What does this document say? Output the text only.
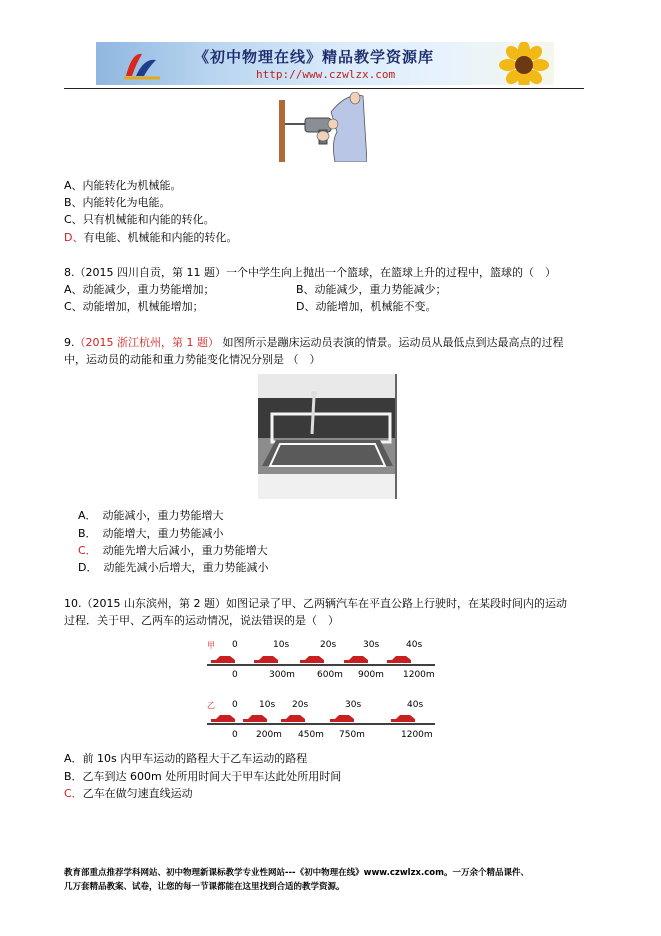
《初中物理在线》精品教学资源库
http://www.czwlzx.com
A、内能转化为机械能。
B、内能转化为电能。
C、只有机械能和内能的转化。
D、有电能、机械能和内能的转化。
8.（2015 四川自贡，第 11 题）一个中学生向上抛出一个篮球，在篮球上升的过程中，篮球的（　）
A、动能减少，重力势能增加；	B、动能减少，重力势能减少；
C、动能增加，机械能增加；	D、动能增加，机械能不变。
9.（2015 浙江杭州，第 1 题） 如图所示是蹦床运动员表演的情景。运动员从最低点到达最高点的过程
中，运动员的动能和重力势能变化情况分别是 （　）
A． 动能减小，重力势能增大
B． 动能增大，重力势能减小
C． 动能先增大后减小，重力势能增大
D． 动能先减小后增大，重力势能减小
10.（2015 山东滨州，第 2 题）如图记录了甲、乙两辆汽车在平直公路上行驶时，在某段时间内的运动
过程．关于甲、乙两车的运动情况，说法错误的是（　）
甲 0	10s	20s	30s	40s
0	300m 600m 900m 1200m
乙 0 10s 20s	30s	40s
0 200m 450m 750m	1200m
A．前 10s 内甲车运动的路程大于乙车运动的路程
B．乙车到达 600m 处所用时间大于甲车达此处所用时间
C．乙车在做匀速直线运动
教育部重点推荐学科网站、初中物理新课标教学专业性网站---《初中物理在线》www.czwlzx.com。一万余个精品课件、
几万套精品教案、试卷，让您的每一节课都能在这里找到合适的教学资源。
